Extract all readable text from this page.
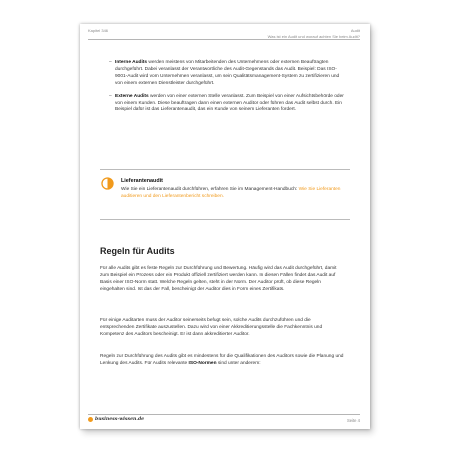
Kapitel 346	Audit
Was ist ein Audit und worauf achten Sie beim Audit?
– Interne Audits werden meistens von Mitarbeitenden des Unternehmens oder externen Beauftragten durchgeführt. Dabei veranlasst der Verantwortliche des Audit-Gegenstands das Audit. Beispiel: Das ISO-9001-Audit wird vom Unternehmen veranlasst, um sein Qualitätsmanagement-System zu zertifizieren und von einem externen Dienstleister durchgeführt.
– Externe Audits werden von einer externen Stelle veranlasst. Zum Beispiel von einer Aufsichtsbehörde oder von einem Kunden. Diese beauftragen dann einen externen Auditor oder führen das Audit selbst durch. Ein Beispiel dafür ist das Lieferantenaudit, das ein Kunde von seinem Lieferanten fordert.
Lieferantenaudit
Wie Sie ein Lieferantenaudit durchführen, erfahren Sie im Management-Handbuch: Wie Sie Lieferanten auditieren und den Lieferantenbericht schreiben.
Regeln für Audits

Für alle Audits gibt es feste Regeln zur Durchführung und Bewertung. Häufig wird das Audit durchgeführt, damit zum Beispiel ein Prozess oder ein Produkt offiziell zertifiziert werden kann. In diesen Fällen findet das Audit auf Basis einer ISO-Norm statt. Welche Regeln gelten, steht in der Norm. Der Auditor prüft, ob diese Regeln eingehalten sind. Ist das der Fall, bescheinigt der Auditor dies in Form eines Zertifikats.

Für einige Auditarten muss der Auditor seinerseits befugt sein, solche Audits durchzuführen und die entsprechenden Zertifikate auszustellen. Dazu wird von einer Akkreditierungsstelle die Fachkenntnis und Kompetenz des Auditors bescheinigt. Er ist dann akkreditierter Auditor.

Regeln zur Durchführung des Audits gibt es mindestens für die Qualifikationen des Auditors sowie die Planung und Lenkung des Audits. Für Audits relevante ISO-Normen sind unter anderem:

business-wissen.de	Seite 4
